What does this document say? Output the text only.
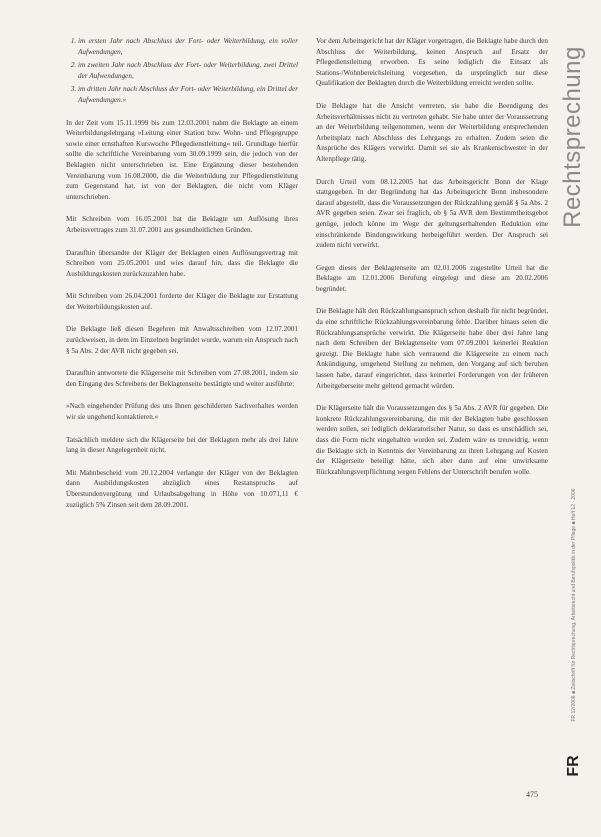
1. im ersten Jahr nach Abschluss der Fort- oder Weiterbildung, ein voller Aufwendungen,
2. im zweiten Jahr nach Abschluss der Fort- oder Weiterbildung, zwei Drittel der Aufwendungen,
3. im dritten Jahr nach Abschluss der Fort- oder Weiterbildung, ein Drittel der Aufwendungen.«

In der Zeit vom 15.11.1999 bis zum 12.03.2001 nahm die Beklagte an einem Weiterbildungslehrgang »Leitung einer Station bzw. Wohn- und Pflegegruppe sowie einer ernsthaften Kurswoche Pflegedienstleitung« teil. Grundlage hierfür sollte die schriftliche Vereinbarung vom 30.09.1999 sein, die jedoch von der Beklagten nicht unterschrieben ist. Eine Ergänzung dieser bestehenden Vereinbarung vom 16.08.2000, die die Weiterbildung zur Pflegedienstleitung zum Gegenstand hat, ist von der Beklagten, die nicht vom Kläger unterschrieben.

Mit Schreiben vom 16.05.2001 bat die Beklagte um Auflösung ihres Arbeitsvertrages zum 31.07.2001 aus gesundheitlichen Gründen.

Daraufhin übersandte der Kläger der Beklagten einen Auflösungsvertrag mit Schreiben vom 25.05.2001 und wies darauf hin, dass die Beklagte die Ausbildungskosten zurückzuzahlen habe.

Mit Schreiben vom 26.04.2001 forderte der Kläger die Beklagte zur Erstattung der Weiterbildungskosten auf.

Die Beklagte ließ diesen Begehren mit Anwaltsschreiben vom 12.07.2001 zurückweisen, in dem im Einzelnen begründet wurde, warum ein Anspruch nach § 5a Abs. 2 der AVR nicht gegeben sei.

Daraufhin antwortete die Klägerseite mit Schreiben vom 27.08.2001, indem sie den Eingang des Schreibens der Beklagtenseite bestätigte und weiter ausführte:

»Nach eingehender Prüfung des uns Ihnen geschilderten Sachverhaltes werden wir sie ungehend kontaktieren.«

Tatsächlich meldete sich die Klägerseite bei der Beklagten mehr als drei Jahre lang in dieser Angelegenheit nicht.

Mit Mahnbescheid vom 20.12.2004 verlangte der Kläger von der Beklagten dann Ausbildungskosten abzüglich eines Restanspruchs auf Überstundenvergütung und Urlaubsabgeltung in Höhe von 10.071,11 € zuzüglich 5% Zinsen seit dem 28.09.2001.

Vor dem Arbeitsgericht hat der Kläger vorgetragen, die Beklagte habe durch den Abschluss der Weiterbildung, keinen Anspruch auf Ersatz der Pflegedienstleitung erworben. Es seine lediglich die Einsatz als Stations-/Wohnbereichsleitung vorgesehen, da ursprünglich nur diese Qualifikation der Beklagten durch die Weiterbildung erreicht werden sollte.

Die Beklagte hat die Ansicht vertreten, sie habe die Beendigung des Arbeitsverhältnisses nicht zu vertreten gehabt. Sie habe unter der Voraussetzung an der Weiterbildung teilgenommen, wenn der Weiterbildung entsprechenden Arbeitsplatz nach Abschluss des Lehrgangs zu erhalten. Zudem seien die Ansprüche des Klägers verwirkt. Damit sei sie als Krankenschwester in der Altenpflege tätig.

Durch Urteil vom 08.12.2005 hat das Arbeitsgericht Bonn der Klage stattgegeben. In der Begründung hat das Arbeitsgericht Bonn insbesondere darauf abgestellt, dass die Voraussetzungen der Rückzahlung gemäß § 5a Abs. 2 AVR gegeben seien. Zwar sei fraglich, ob § 5a AVR dem Bestimmtheitsgebot genüge, jedoch könne im Wege der geltungserhaltenden Reduktion eine einschränkende Bindungswirkung herbeigeführt werden. Der Anspruch sei zudem nicht verwirkt.

Gegen dieses der Beklagtenseite am 02.01.2006 zugestellte Urteil hat die Beklagte am 12.01.2006 Berufung eingelegt und diese am 20.02.2006 begründet.

Die Beklagte hält den Rückzahlungsanspruch schon deshalb für nicht begründet, da eine schriftliche Rückzahlungsvereinbarung fehle. Darüber hinaus seien die Rückzahlungsansprüche verwirkt. Die Klägerseite habe über drei Jahre lang nach dem Schreiben der Beklagtenseite vom 07.09.2001 keinerlei Reaktion gezeigt. Die Beklagte habe sich vertrauend die Klägerseite zu einem nach Ankündigung, umgehend Stellung zu nehmen, den Vorgang auf sich beruhen lassen habe, darauf eingerichtet, dass keinerlei Forderungen von der früheren Arbeitgeberseite mehr geltend gemacht würden.

Die Klägerseite hält die Voraussetzungen des § 5a Abs. 2 AVR für gegeben. Die konkrete Rückzahlungsvereinbarung, die mit der Beklagten habe geschlossen werden sollen, sei lediglich deklaratorischer Natur, so dass es unschädlich sei, dass die Form nicht eingehalten worden sei. Zudem wäre es treuwidrig, wenn die Beklagte sich in Kenntnis der Vereinbarung zu ihren Lehrgang auf Kosten der Klägerseite beteiligt hätte, sich aber dann auf eine unwirksame Rückzahlungsverpflichtung wegen Fehlens der Unterschrift berufen wolle.

Rechtsprechung
FR 12/2006 ■ Zeitschrift für Rechtsprechung, Arbeitsrecht und Berufspolitik in der Pflege ■ Heft 12 · 2006
FR
475
